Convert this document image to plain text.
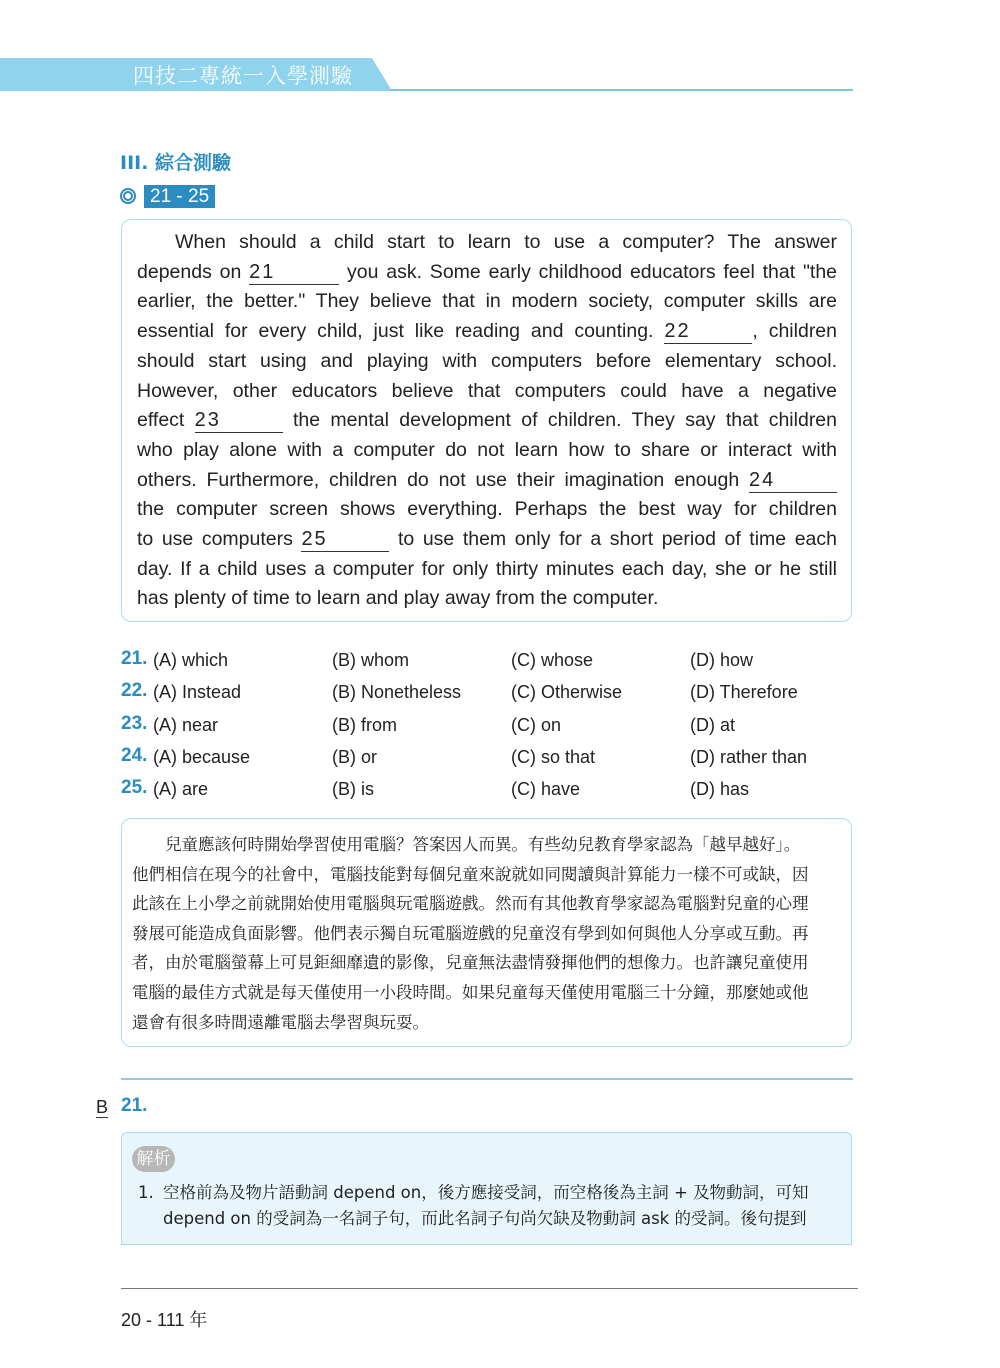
四技二專統一入學測驗
III. 綜合測驗
21 - 25
When should a child start to learn to use a computer? The answer
depends on 21	you ask. Some early childhood educators feel that "the
earlier, the better." They believe that in modern society, computer skills are
essential for every child, just like reading and counting. 22	, children
should start using and playing with computers before elementary school.
However, other educators believe that computers could have a negative
effect 23	the mental development of children. They say that children
who play alone with a computer do not learn how to share or interact with
others. Furthermore, children do not use their imagination enough 24
the computer screen shows everything. Perhaps the best way for children
to use computers 25	to use them only for a short period of time each
day. If a child uses a computer for only thirty minutes each day, she or he still
has plenty of time to learn and play away from the computer.
21. (A) which	(B) whom	(C) whose	(D) how
22. (A) Instead	(B) Nonetheless	(C) Otherwise	(D) Therefore
23. (A) near	(B) from	(C) on	(D) at
24. (A) because	(B) or	(C) so that	(D) rather than
25. (A) are	(B) is	(C) have	(D) has
　　兒童應該何時開始學習使用電腦？答案因人而異。有些幼兒教育學家認為「越早越好」。
他們相信在現今的社會中，電腦技能對每個兒童來說就如同閱讀與計算能力一樣不可或缺，因
此該在上小學之前就開始使用電腦與玩電腦遊戲。然而有其他教育學家認為電腦對兒童的心理
發展可能造成負面影響。他們表示獨自玩電腦遊戲的兒童沒有學到如何與他人分享或互動。再
者，由於電腦螢幕上可見鉅細靡遺的影像，兒童無法盡情發揮他們的想像力。也許讓兒童使用
電腦的最佳方式就是每天僅使用一小段時間。如果兒童每天僅使用電腦三十分鐘，那麼她或他
還會有很多時間遠離電腦去學習與玩耍。
B 21.
解析
1. 空格前為及物片語動詞 depend on，後方應接受詞，而空格後為主詞 + 及物動詞，可知
depend on 的受詞為一名詞子句，而此名詞子句尚欠缺及物動詞 ask 的受詞。後句提到
20 - 111 年
